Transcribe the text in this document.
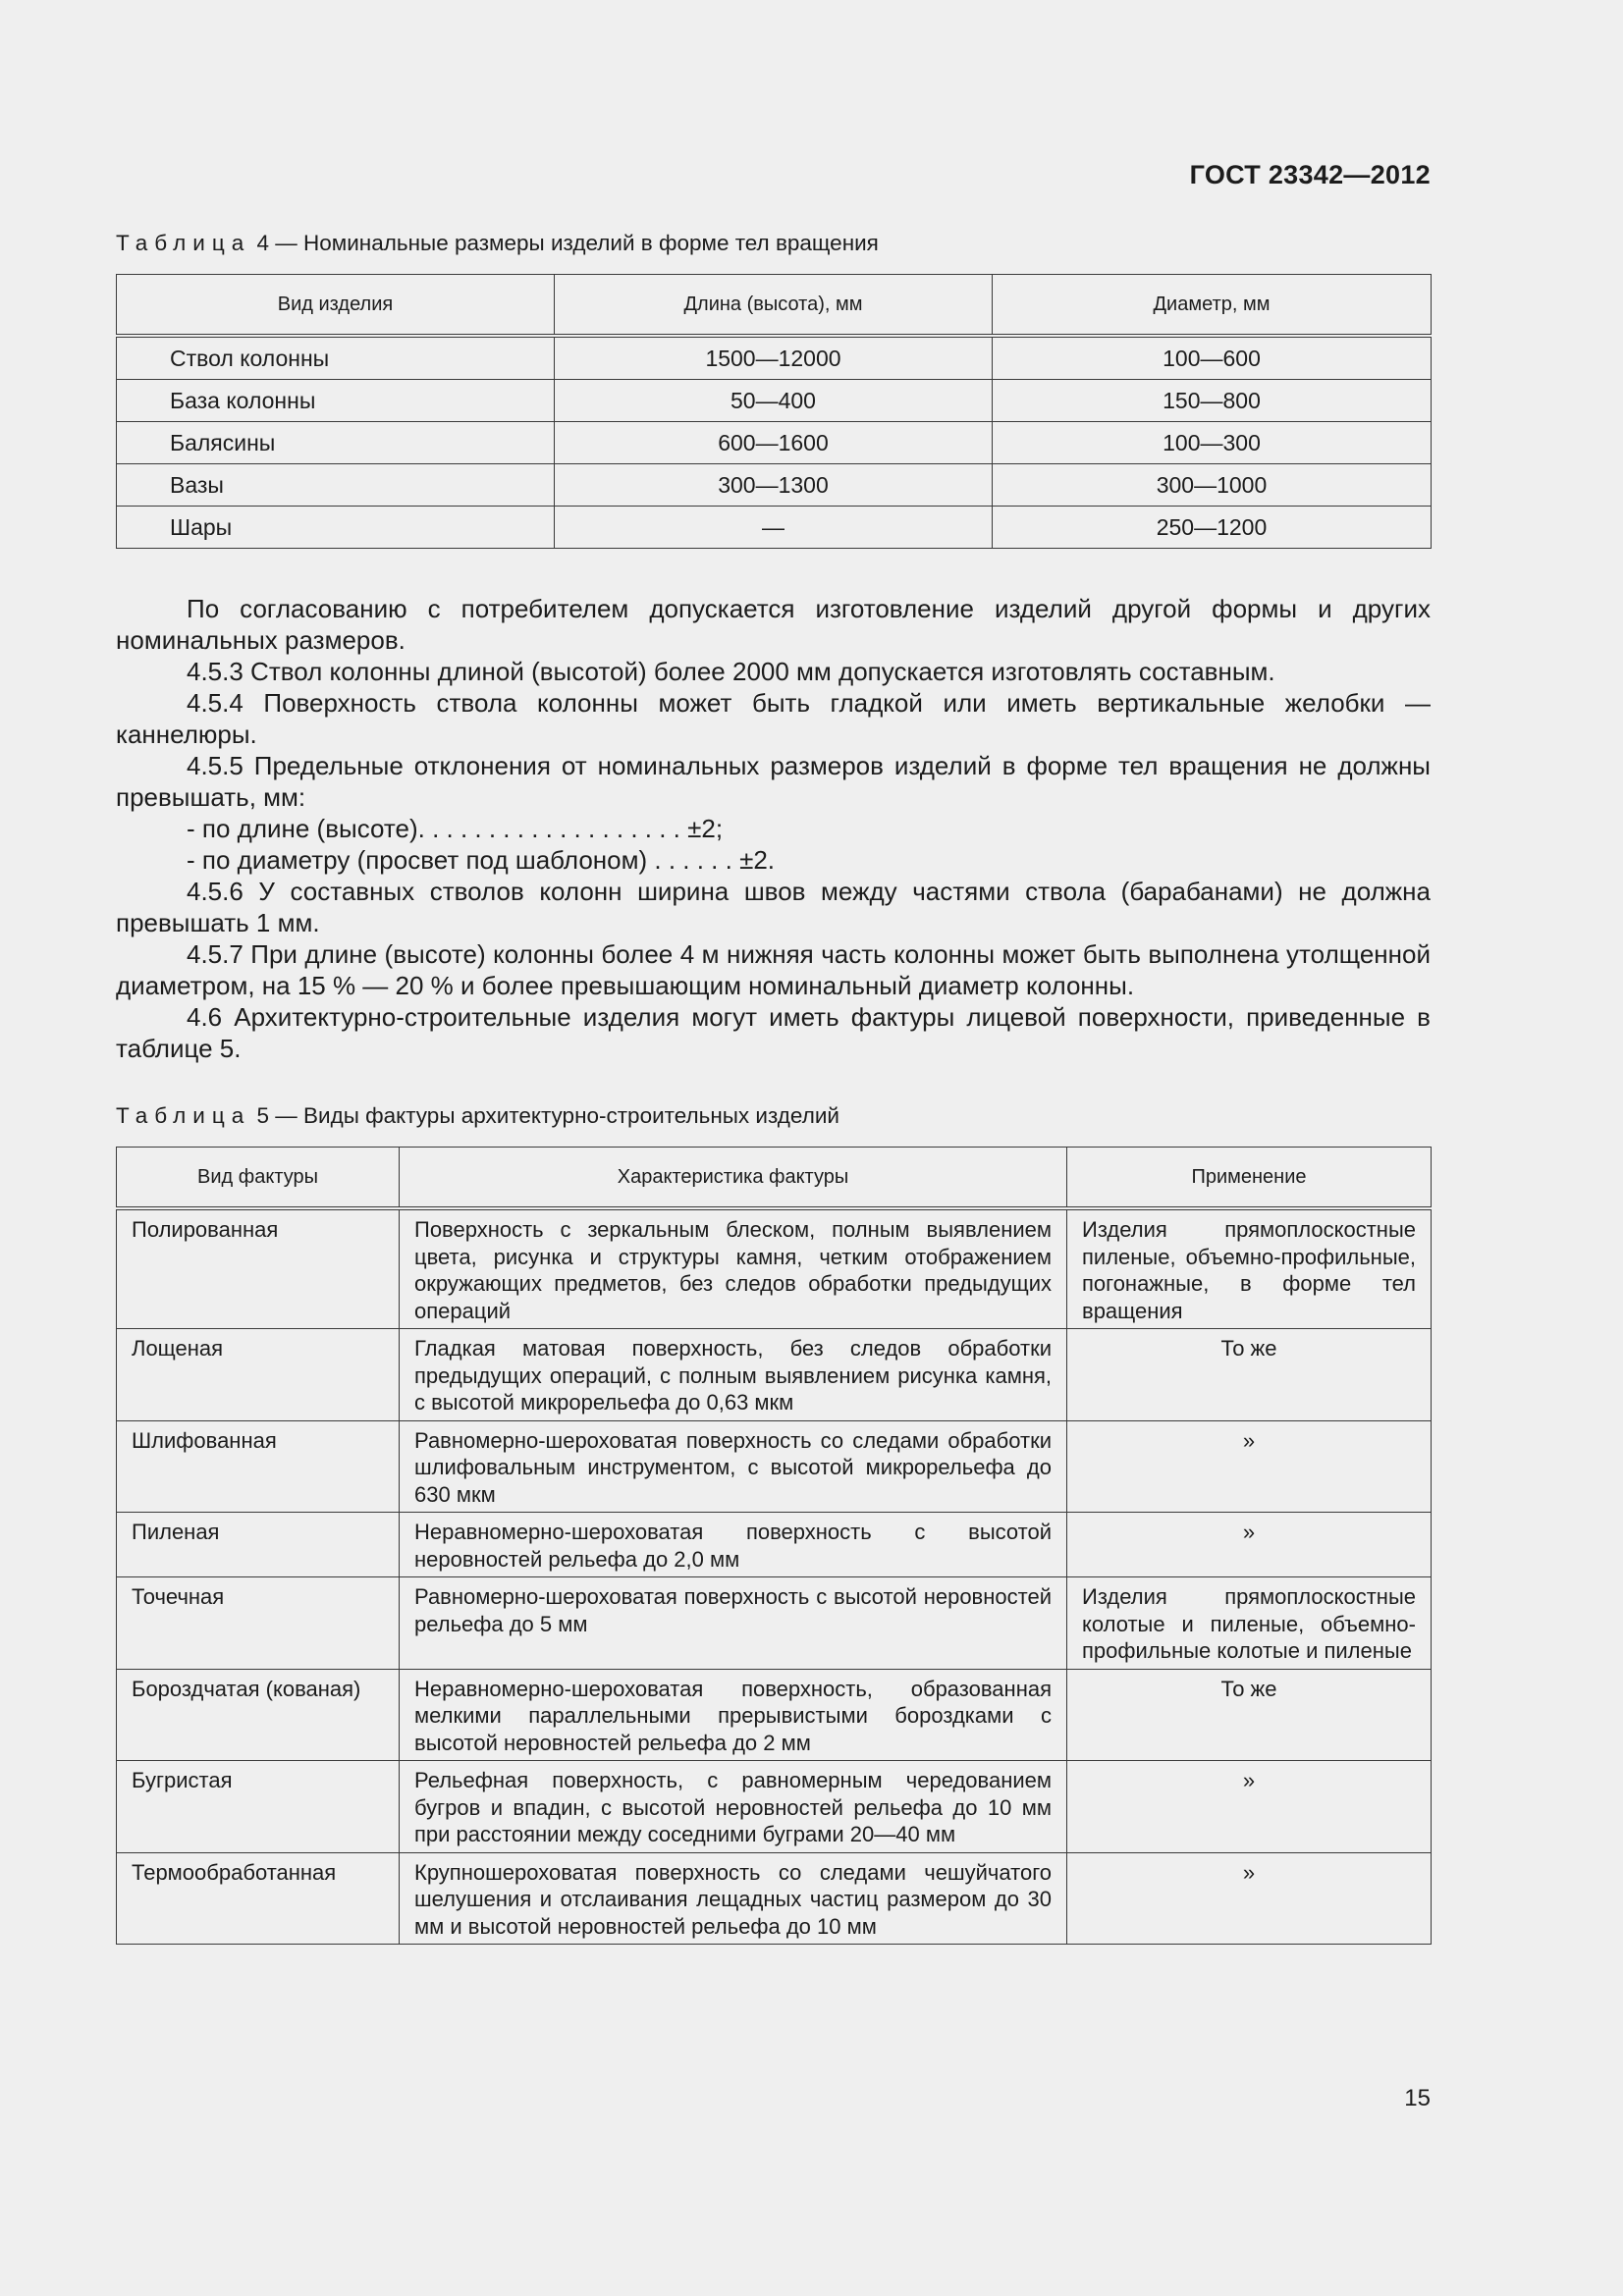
ГОСТ 23342—2012
Таблица 4 — Номинальные размеры изделий в форме тел вращения
Вид изделия	Длина (высота), мм	Диаметр, мм
Ствол колонны	1500—12000	100—600
База колонны	50—400	150—800
Балясины	600—1600	100—300
Вазы	300—1300	300—1000
Шары	—	250—1200

По согласованию с потребителем допускается изготовление изделий другой формы и других номинальных размеров.

4.5.3 Ствол колонны длиной (высотой) более 2000 мм допускается изготовлять составным.

4.5.4 Поверхность ствола колонны может быть гладкой или иметь вертикальные желобки — каннелюры.

4.5.5 Предельные отклонения от номинальных размеров изделий в форме тел вращения не должны превышать, мм:

- по длине (высоте). . . . . . . . . . . . . . . . . . . ±2;

- по диаметру (просвет под шаблоном) . . . . . . ±2.

4.5.6 У составных стволов колонн ширина швов между частями ствола (барабанами) не должна превышать 1 мм.

4.5.7 При длине (высоте) колонны более 4 м нижняя часть колонны может быть выполнена утолщенной диаметром, на 15 % — 20 % и более превышающим номинальный диаметр колонны.

4.6 Архитектурно-строительные изделия могут иметь фактуры лицевой поверхности, приведенные в таблице 5.

Таблица 5 — Виды фактуры архитектурно-строительных изделий
Вид фактуры	Характеристика фактуры	Применение
Полированная	Поверхность с зеркальным блеском, полным выявлением цвета, рисунка и структуры камня, четким отображением окружающих предметов, без следов обработки предыдущих операций	Изделия прямоплоскостные пиленые, объемно-профильные, погонажные, в форме тел вращения
Лощеная	Гладкая матовая поверхность, без следов обработки предыдущих операций, с полным выявлением рисунка камня, с высотой микрорельефа до 0,63 мкм	То же
Шлифованная	Равномерно-шероховатая поверхность со следами обработки шлифовальным инструментом, с высотой микрорельефа до 630 мкм	»
Пиленая	Неравномерно-шероховатая поверхность с высотой неровностей рельефа до 2,0 мм	»
Точечная	Равномерно-шероховатая поверхность с высотой неровностей рельефа до 5 мм	Изделия прямоплоскостные колотые и пиленые, объемно-профильные колотые и пиленые
Бороздчатая (кованая)	Неравномерно-шероховатая поверхность, образованная мелкими параллельными прерывистыми бороздками с высотой неровностей рельефа до 2 мм	То же
Бугристая	Рельефная поверхность, с равномерным чередованием бугров и впадин, с высотой неровностей рельефа до 10 мм при расстоянии между соседними буграми 20—40 мм	»
Термообработанная	Крупношероховатая поверхность со следами чешуйчатого шелушения и отслаивания лещадных частиц размером до 30 мм и высотой неровностей рельефа до 10 мм	»
15
